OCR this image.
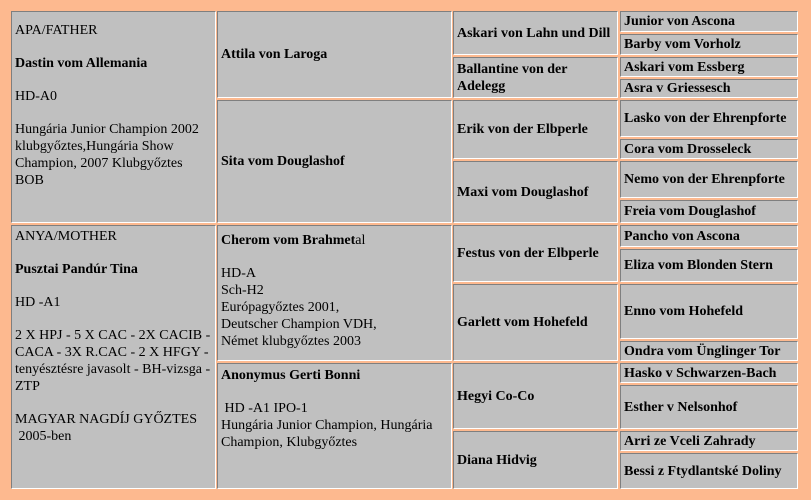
APA/FATHER

Dastin vom Allemania

HD-A0

Hungária Junior Champion 2002 klubgyőztes,Hungária Show Champion, 2007 Klubgyőztes BOB

ANYA/MOTHER

Pusztai Pandúr Tina

HD -A1

2 X HPJ - 5 X CAC - 2X CACIB - CACA - 3X R.CAC - 2 X HFGY - tenyésztésre javasolt - BH-vizsga - ZTP

MAGYAR NAGDÍJ GYŐZTES
2005-ben

Attila von Laroga
Sita vom Douglashof

Cherom vom Brahmetal

HD-A

Sch-H2

Európagyőztes 2001,
Deutscher Champion VDH,
Német klubgyőztes 2003

Anonymus Gerti Bonni

HD -A1 IPO-1
Hungária Junior Champion, Hungária Champion, Klubgyőztes

Askari von Lahn und Dill
Ballantine von der Adelegg
Erik von der Elbperle
Maxi vom Douglashof
Festus von der Elbperle
Garlett vom Hohefeld
Hegyi Co-Co
Diana Hidvig
Junior von Ascona
Barby vom Vorholz
Askari vom Essberg
Asra v Griessesch
Lasko von der Ehrenpforte
Cora vom Drosseleck
Nemo von der Ehrenpforte
Freia vom Douglashof
Pancho von Ascona
Eliza vom Blonden Stern
Enno vom Hohefeld
Ondra vom Ünglinger Tor
Hasko v Schwarzen-Bach
Esther v Nelsonhof
Arri ze Vceli Zahrady
Bessi z Ftydlantské Doliny
